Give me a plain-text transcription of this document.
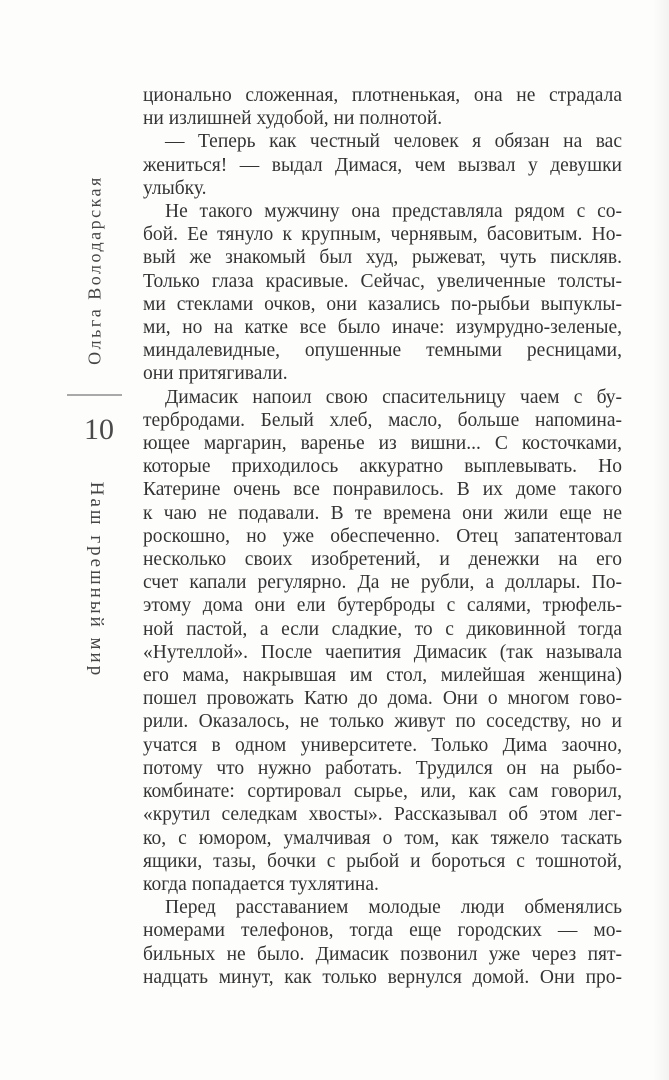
Ольга Володарская
10
Наш грешный мир
ционально сложенная, плотненькая, она не страдала
ни излишней худобой, ни полнотой.
— Теперь как честный человек я обязан на вас
жениться! — выдал Димася, чем вызвал у девушки
улыбку.
Не такого мужчину она представляла рядом с со-
бой. Ее тянуло к крупным, чернявым, басовитым. Но-
вый же знакомый был худ, рыжеват, чуть пискляв.
Только глаза красивые. Сейчас, увеличенные толсты-
ми стеклами очков, они казались по-рыбьи выпуклы-
ми, но на катке все было иначе: изумрудно-зеленые,
миндалевидные, опушенные темными ресницами,
они притягивали.
Димасик напоил свою спасительницу чаем с бу-
тербродами. Белый хлеб, масло, больше напомина-
ющее маргарин, варенье из вишни... С косточками,
которые приходилось аккуратно выплевывать. Но
Катерине очень все понравилось. В их доме такого
к чаю не подавали. В те времена они жили еще не
роскошно, но уже обеспеченно. Отец запатентовал
несколько своих изобретений, и денежки на его
счет капали регулярно. Да не рубли, а доллары. По-
этому дома они ели бутерброды с салями, трюфель-
ной пастой, а если сладкие, то с диковинной тогда
«Нутеллой». После чаепития Димасик (так называла
его мама, накрывшая им стол, милейшая женщина)
пошел провожать Катю до дома. Они о многом гово-
рили. Оказалось, не только живут по соседству, но и
учатся в одном университете. Только Дима заочно,
потому что нужно работать. Трудился он на рыбо-
комбинате: сортировал сырье, или, как сам говорил,
«крутил селедкам хвосты». Рассказывал об этом лег-
ко, с юмором, умалчивая о том, как тяжело таскать
ящики, тазы, бочки с рыбой и бороться с тошнотой,
когда попадается тухлятина.
Перед расставанием молодые люди обменялись
номерами телефонов, тогда еще городских — мо-
бильных не было. Димасик позвонил уже через пят-
надцать минут, как только вернулся домой. Они про-
